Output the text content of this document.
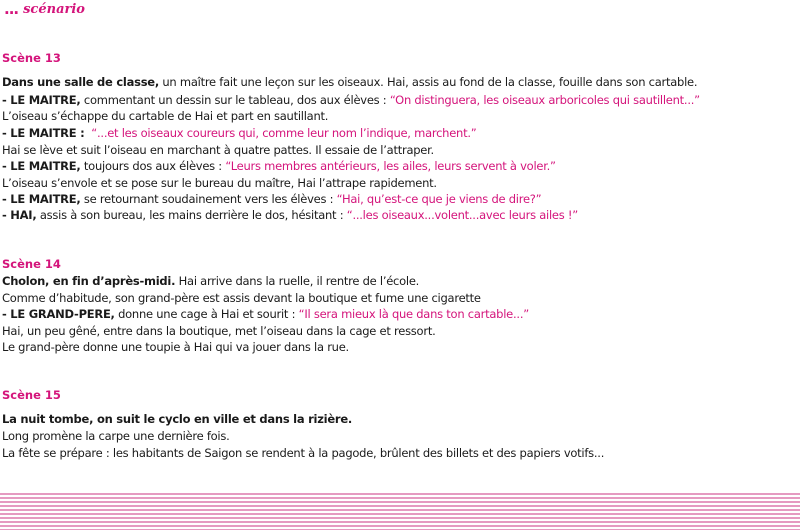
... scénario
Scène 13
Dans une salle de classe, un maître fait une leçon sur les oiseaux. Hai, assis au fond de la classe, fouille dans son cartable.
- LE MAITRE, commentant un dessin sur le tableau, dos aux élèves : “On distinguera, les oiseaux arboricoles qui sautillent...”
L’oiseau s’échappe du cartable de Hai et part en sautillant.
- LE MAITRE :  “...et les oiseaux coureurs qui, comme leur nom l’indique, marchent.”
Hai se lève et suit l’oiseau en marchant à quatre pattes. Il essaie de l’attraper.
- LE MAITRE, toujours dos aux élèves : “Leurs membres antérieurs, les ailes, leurs servent à voler.”
L’oiseau s’envole et se pose sur le bureau du maître, Hai l’attrape rapidement.
- LE MAITRE, se retournant soudainement vers les élèves : “Hai, qu’est-ce que je viens de dire?”
- HAI, assis à son bureau, les mains derrière le dos, hésitant : “...les oiseaux...volent...avec leurs ailes !”
Scène 14
Cholon, en fin d’après-midi. Hai arrive dans la ruelle, il rentre de l’école.
Comme d’habitude, son grand-père est assis devant la boutique et fume une cigarette
- LE GRAND-PERE, donne une cage à Hai et sourit : “Il sera mieux là que dans ton cartable...”
Hai, un peu gêné, entre dans la boutique, met l’oiseau dans la cage et ressort.
Le grand-père donne une toupie à Hai qui va jouer dans la rue.
Scène 15
La nuit tombe, on suit le cyclo en ville et dans la rizière.
Long promène la carpe une dernière fois.
La fête se prépare : les habitants de Saigon se rendent à la pagode, brûlent des billets et des papiers votifs...
